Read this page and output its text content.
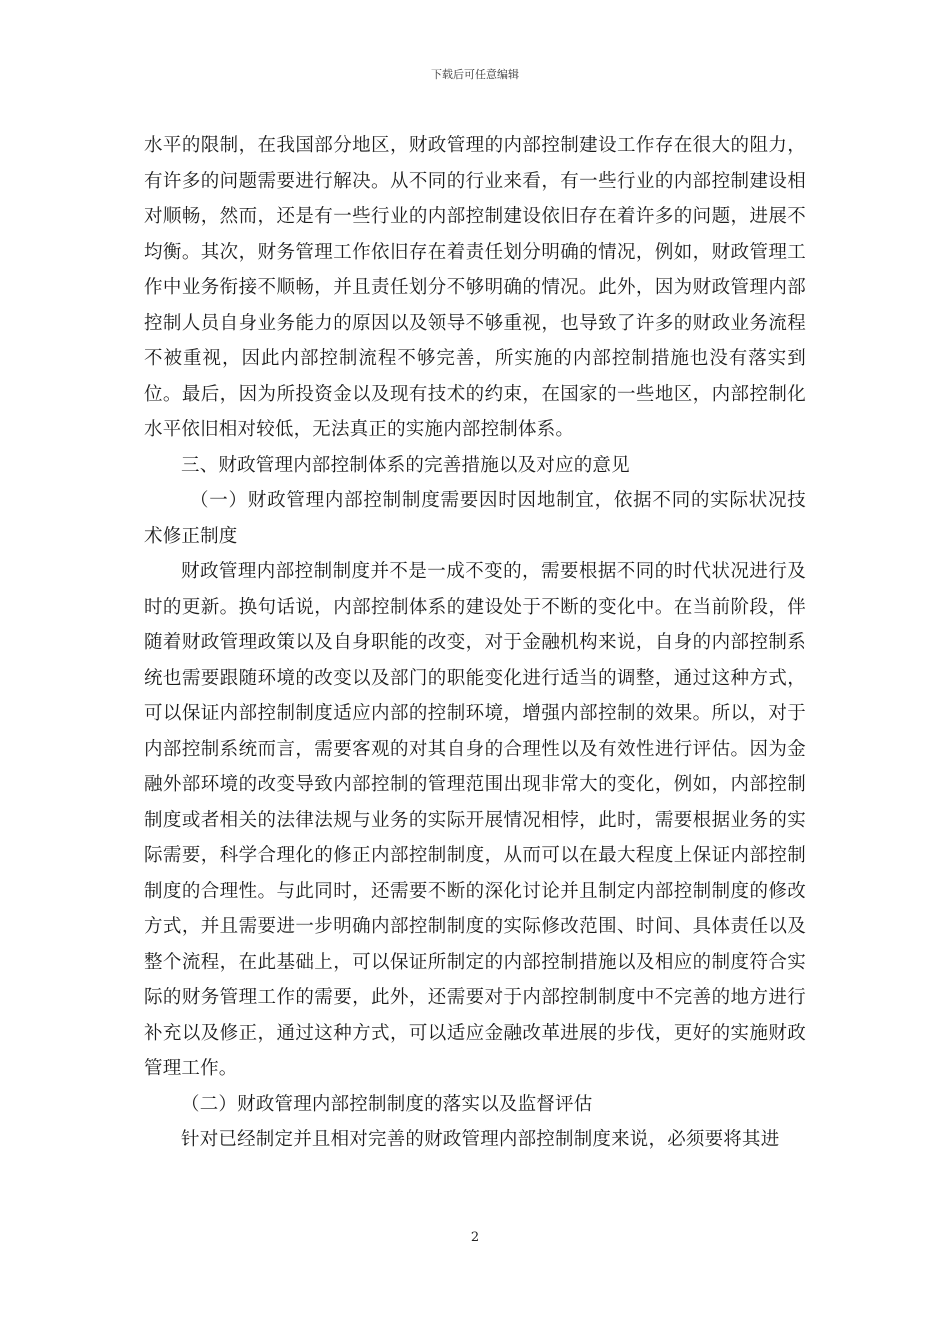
下载后可任意编辑

水平的限制，在我国部分地区，财政管理的内部控制建设工作存在很大的阻力，有许多的问题需要进行解决。从不同的行业来看，有一些行业的内部控制建设相对顺畅，然而，还是有一些行业的内部控制建设依旧存在着许多的问题，进展不均衡。其次，财务管理工作依旧存在着责任划分明确的情况，例如，财政管理工作中业务衔接不顺畅，并且责任划分不够明确的情况。此外，因为财政管理内部控制人员自身业务能力的原因以及领导不够重视，也导致了许多的财政业务流程不被重视，因此内部控制流程不够完善，所实施的内部控制措施也没有落实到位。最后，因为所投资金以及现有技术的约束，在国家的一些地区，内部控制化水平依旧相对较低，无法真正的实施内部控制体系。

三、财政管理内部控制体系的完善措施以及对应的意见

（一）财政管理内部控制制度需要因时因地制宜，依据不同的实际状况技术修正制度

财政管理内部控制制度并不是一成不变的，需要根据不同的时代状况进行及时的更新。换句话说，内部控制体系的建设处于不断的变化中。在当前阶段，伴随着财政管理政策以及自身职能的改变，对于金融机构来说，自身的内部控制系统也需要跟随环境的改变以及部门的职能变化进行适当的调整，通过这种方式，可以保证内部控制制度适应内部的控制环境，增强内部控制的效果。所以，对于内部控制系统而言，需要客观的对其自身的合理性以及有效性进行评估。因为金融外部环境的改变导致内部控制的管理范围出现非常大的变化，例如，内部控制制度或者相关的法律法规与业务的实际开展情况相悖，此时，需要根据业务的实际需要，科学合理化的修正内部控制制度，从而可以在最大程度上保证内部控制制度的合理性。与此同时，还需要不断的深化讨论并且制定内部控制制度的修改方式，并且需要进一步明确内部控制制度的实际修改范围、时间、具体责任以及整个流程，在此基础上，可以保证所制定的内部控制措施以及相应的制度符合实际的财务管理工作的需要，此外，还需要对于内部控制制度中不完善的地方进行补充以及修正，通过这种方式，可以适应金融改革进展的步伐，更好的实施财政管理工作。

（二）财政管理内部控制制度的落实以及监督评估

针对已经制定并且相对完善的财政管理内部控制制度来说，必须要将其进

2
